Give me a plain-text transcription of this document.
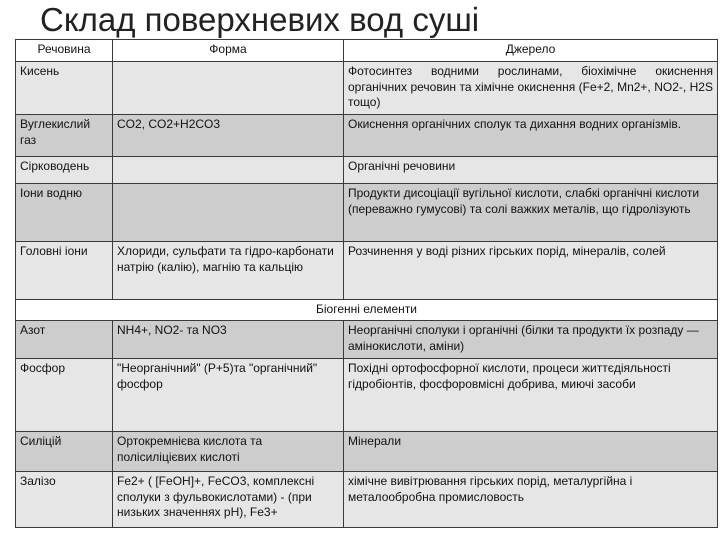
Склад поверхневих вод суші
Речовина	Форма	Джерело
Кисень		Фотосинтез водними рослинами, біохімічне окиснення органічних речовин та хімічне окиснення (Fe+2, Mn2+, NO2-, H2S тощо)
Вуглекислий газ	CO2, CO2+H2CO3	Окиснення органічних сполук та дихання водних організмів.
Сірководень		Органічні речовини
Іони водню		Продукти дисоціації вугільної кислоти, слабкі органічні кислоти (переважно гумусові) та солі важких металів, що гідролізують
Головні іони	Хлориди, сульфати та гідро-карбонати натрію (калію), магнію та кальцію	Розчинення у воді різних гірських порід, мінералів, солей
Біогенні елементи		
Азот	NH4+, NO2- та NO3	Неорганічні сполуки і органічні (білки та продукти їх розпаду — амінокислоти, аміни)
Фосфор	"Неорганічний" (Р+5)та "органічний" фосфор	Похідні ортофосфорної кислоти, процеси життєдіяльності гідробіонтів, фосфоровмісні добрива, миючі засоби
Силіцій	Ортокремнієва кислота та полісиліцієвих кислоті	Мінерали
Залізо	Fe2+ ( [FeOH]+, FeCO3, комплексні сполуки з фульвокислотами) - (при низьких значеннях pH), Fe3+	хімічне вивітрювання гірських порід, металургійна і металообробна промисловость
